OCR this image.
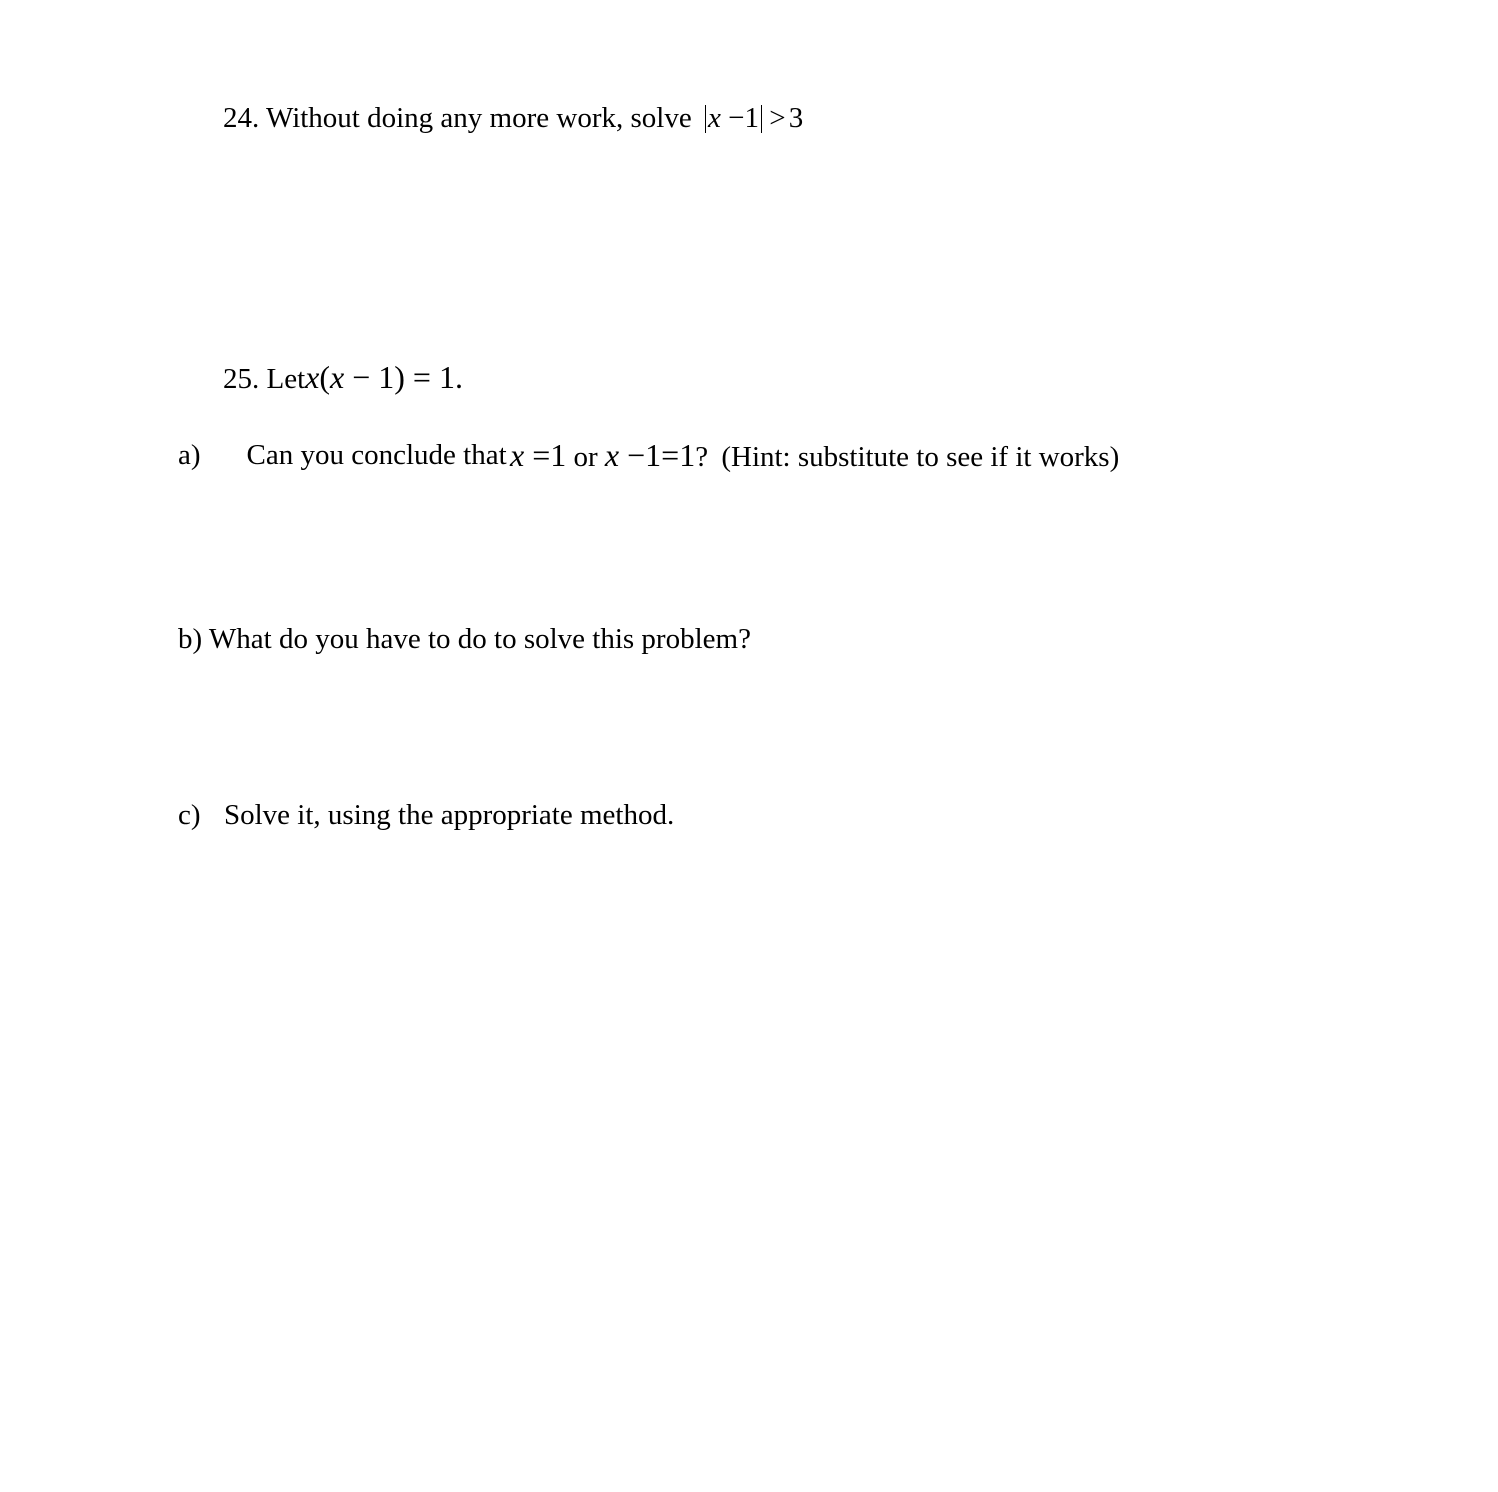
24. Without doing any more work, solve x −1 > 3
25. Letx(x − 1) = 1.
a) Can you conclude that x =1 or x −1=1? (Hint: substitute to see if it works)
b) What do you have to do to solve this problem?
c) Solve it, using the appropriate method.
